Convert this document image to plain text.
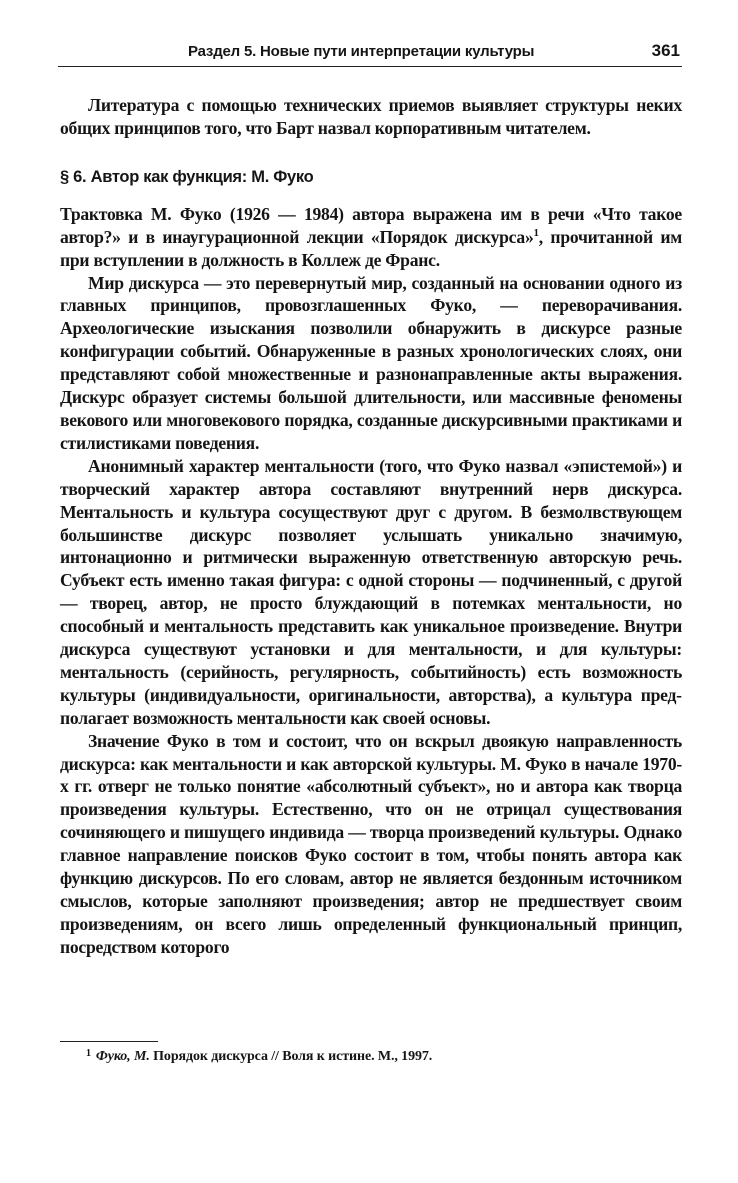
Раздел 5. Новые пути интерпретации культуры	361

Литература с помощью технических приемов выявляет структуры неких общих принципов того, что Барт назвал корпоративным читателем.

§ 6. Автор как функция: М. Фуко

Трактовка М. Фуко (1926 — 1984) автора выражена им в речи «Что такое автор?» и в инаугурационной лекции «Порядок дискурса»$^1$, прочитанной им при вступлении в должность в Коллеж де Франс.

Мир дискурса — это перевернутый мир, созданный на основании одного из главных принципов, провозглашенных Фуко, — переворачивания. Археологические изыскания позволили обнаружить в дискурсе разные конфигурации событий. Обнаруженные в разных хронологических слоях, они представляют собой множественные и разнонаправленные акты выражения. Дискурс образует системы большой длительности, или массивные феномены векового или многовекового порядка, созданные дискурсивными практиками и стилистиками поведения.

Анонимный характер ментальности (того, что Фуко назвал «эпистемой») и творческий характер автора составляют внутренний нерв дискурса. Ментальность и культура сосуществуют друг с другом. В безмолвствующем большинстве дискурс позволяет услышать уникально значимую, интонационно и ритмически выраженную ответственную авторскую речь. Субъект есть именно такая фигура: с одной стороны — подчиненный, с другой — творец, автор, не просто блуждающий в потемках ментальности, но способный и ментальность представить как уникальное произведение. Внутри дискурса существуют установки и для ментальности, и для культуры: ментальность (серийность, регулярность, событийность) есть возможность культуры (индивидуальности, оригинальности, авторства), а культура предполагает возможность ментальности как своей основы.

Значение Фуко в том и состоит, что он вскрыл двоякую направленность дискурса: как ментальности и как авторской культуры. М. Фуко в начале 1970-х гг. отверг не только понятие «абсолютный субъект», но и автора как творца произведения культуры. Естественно, что он не отрицал существования сочиняющего и пишущего индивида — творца произведений культуры. Однако главное направление поисков Фуко состоит в том, чтобы понять автора как функцию дискурсов. По его словам, автор не является бездонным источником смыслов, которые заполняют произведения; автор не предшествует своим произведениям, он всего лишь определенный функциональный принцип, посредством которого

$^1$ Фуко, М. Порядок дискурса // Воля к истине. М., 1997.
